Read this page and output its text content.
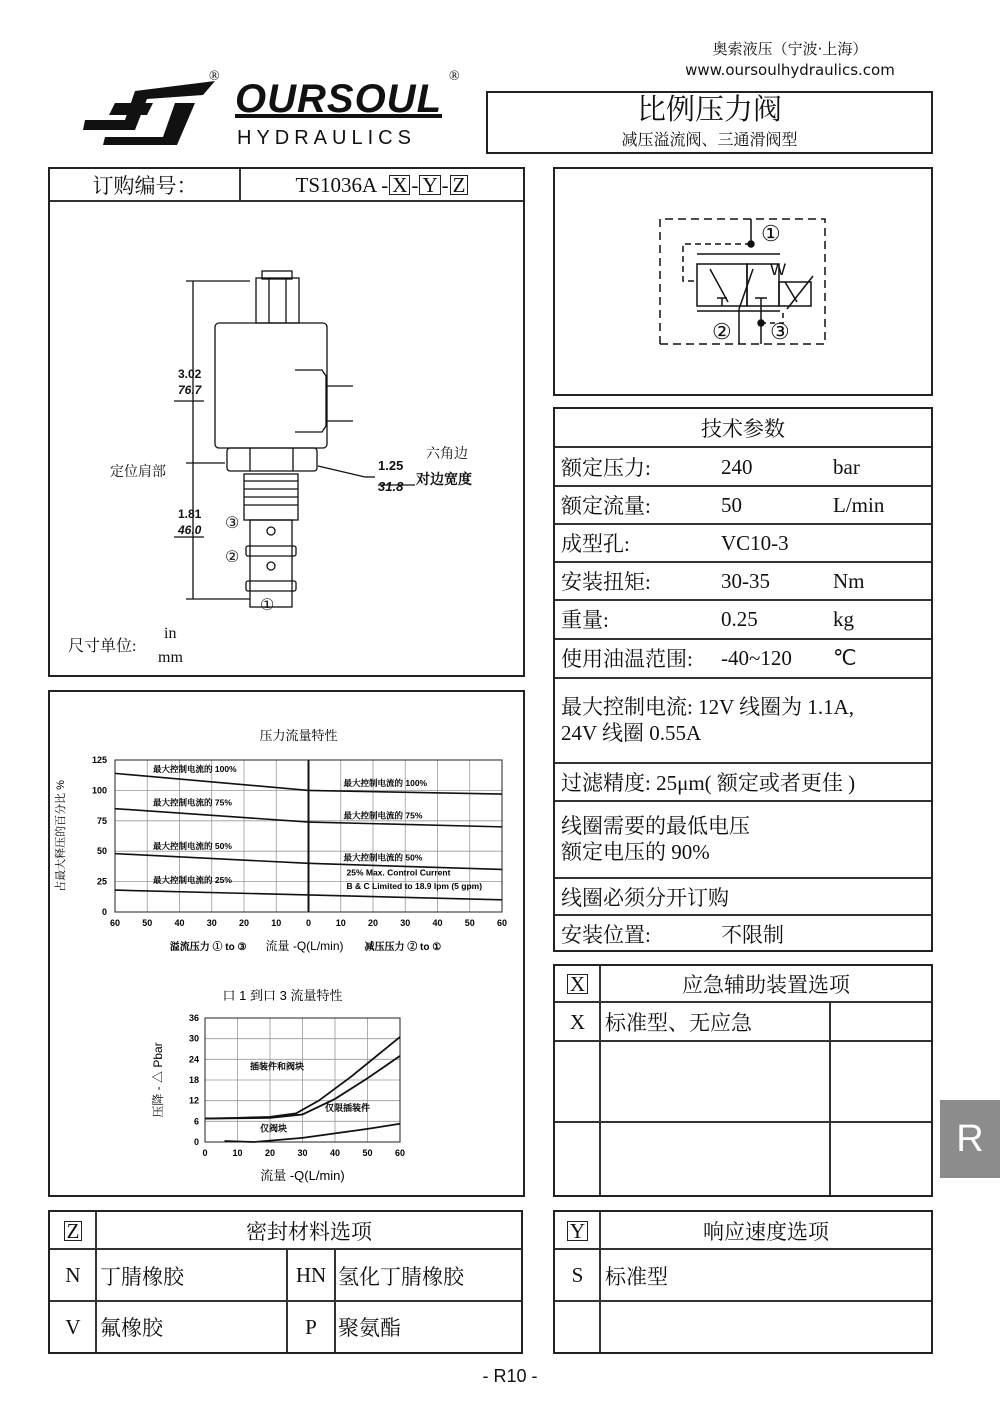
奥索液压（宁波·上海）
www.oursoulhydraulics.com
®
OURSOUL
®
HYDRAULICS
比例压力阀
减压溢流阀、三通滑阀型
订购编号：	TS1036A - X - Y - Z
3.02
76.7
1.81
46.0
定位肩部	1.25
31.8
六角边
对边宽度
③
②
①
尺寸单位:
in
mm
W
①
② ③
技术参数
额定压力:	240	bar
额定流量:	50	L/min
成型孔:	VC10-3
安装扭矩:	30-35	Nm
重量:	0.25	kg
使用油温范围: -40~120 ℃
最大控制电流: 12V 线圈为 1.1A,
24V 线圈 0.55A
过滤精度: 25μm( 额定或者更佳 )
线圈需要的最低电压
额定电压的 90%
线圈必须分开订购
安装位置:	不限制
压力流量特性
60 50 40 30 20 10	0	10 20 30 40 50 60
0
25
50
75
100
125
最大控制电流的 100%
最大控制电流的 100%
最大控制电流的 75%
最大控制电流的 75%
最大控制电流的 50%
最大控制电流的 50%
最大控制电流的 25%
25% Max. Control Current
B & C Limited to 18.9 lpm (5 gpm)
占最大释压的百分比 %
溢流压力 ① to ③ 流量 -Q(L/min) 减压压力 ② to ①
口 1 到口 3 流量特性
0	10 20 30 40 50 60
0
6
12
18
24
30
36
插装件和阀块
仅限插装件
仅阀块
压降 - △ Pbar
流量 -Q(L/min)
X	应急辅助装置选项
X 标准型、无应急
Z	密封材料选项
N 丁腈橡胶	HN 氢化丁腈橡胶
V 氟橡胶	P	聚氨酯
Y	响应速度选项
S	标准型
R
- R10 -
